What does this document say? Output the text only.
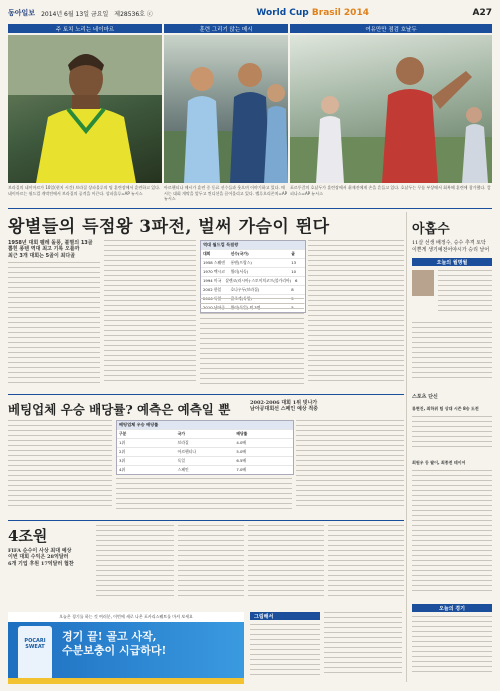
동아일보 2014년 6월 13일 금요일 제28536호 ⓒ	World Cup Brasil 2014	A27
주 토치 노리는 네이마르	훈련 그리기 앉는 메시	여유만만 점검 호날두
브라질의 네이마르가 10일(현지 시간) 브라질 상파울루의 팀 훈련장에서 훈련하고 있다. 네이마르는 월드컵 개막전에서 브라질의 공격을 이끈다. 상파울루=AP 뉴시스
아르헨티나 메시가 훈련 중 동료 선수들과 웃으며 이야기하고 있다. 메시는 대회 개막을 앞두고 컨디션을 끌어올리고 있다. 벨루오리존치=AP 뉴시스
포르투갈의 호날두가 훈련장에서 취재진에게 손을 흔들고 있다. 호날두는 무릎 부상에서 회복해 훈련에 참가했다. 캄피나스=AP 뉴시스
왕별들의 득점왕 3파전, 벌써 가슴이 뛴다
1958년 대회 펠레 돌풍, 불멸의 13골
뽑힌 퐁텐 역대 최고 기록 오를까
최근 3개 대회는 5골이 최다골
역대 월드컵 득점왕
대회	선수(국가)	골
1958 스웨덴	퐁텐(프랑스)	13
1970 멕시코	뮐러(서독)	10
1994 미국	살렌코(러시아)·스토이치코프(불가리아)	6
2002 한일	호나우두(브라질)	8
아홉수
11살 선생 배정수, 승수 추격 토닥
이쁜게 생기예전어야시가 승리 날어
오늘의 월명월
베팅업체 우승 배당률? 예측은 예측일 뿐	2002·2006 대회 1위 빗나가
남아공대회선 스페인 예상 적중
베팅업체 우승 배당률
구분	국가	배당률
1위	브라질	4.0배
2위	아르헨티나	5.0배
3위	독일	6.5배
4위	스페인	7.0배
4조원
FIFA 순수이 사상 최대 예상
이번 대회 수익은 28억달러
6개 기업 후원 17억달러 협찬
그림해서
스포츠 단신
류현진, 최하위 팀 상대 시즌 8승 도전
최원우 등 팔이, 최종전 테이어
오늘의 경기
오늘은 경기를 하는 것 여러분, 이번에 새로 나온 포카리스웨트를 마셔 보세요
POCARI SWEAT
경기 끝! 골고 사작,
수분보충이 시급하다!
